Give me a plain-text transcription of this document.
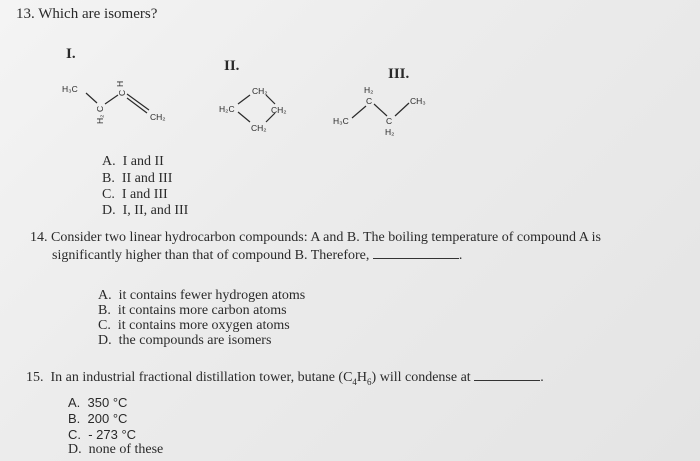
13. Which are isomers?
I.
II.	III.
H₃C
C
H₂
H
C
CH₂
CH₂
H₂C	CH₂
CH₂
H₃C
H₂
C
C
H₂
CH₃
A. I and II
B. II and III
C. I and III
D. I, II, and III
14. Consider two linear hydrocarbon compounds: A and B. The boiling temperature of compound A is
significantly higher than that of compound B. Therefore,	.
A. it contains fewer hydrogen atoms
B. it contains more carbon atoms
C. it contains more oxygen atoms
D. the compounds are isomers
15. In an industrial fractional distillation tower, butane $(C_4H_6)$ will condense at	.
A. 350 °C
B. 200 °C
C. - 273 °C
D. none of these
